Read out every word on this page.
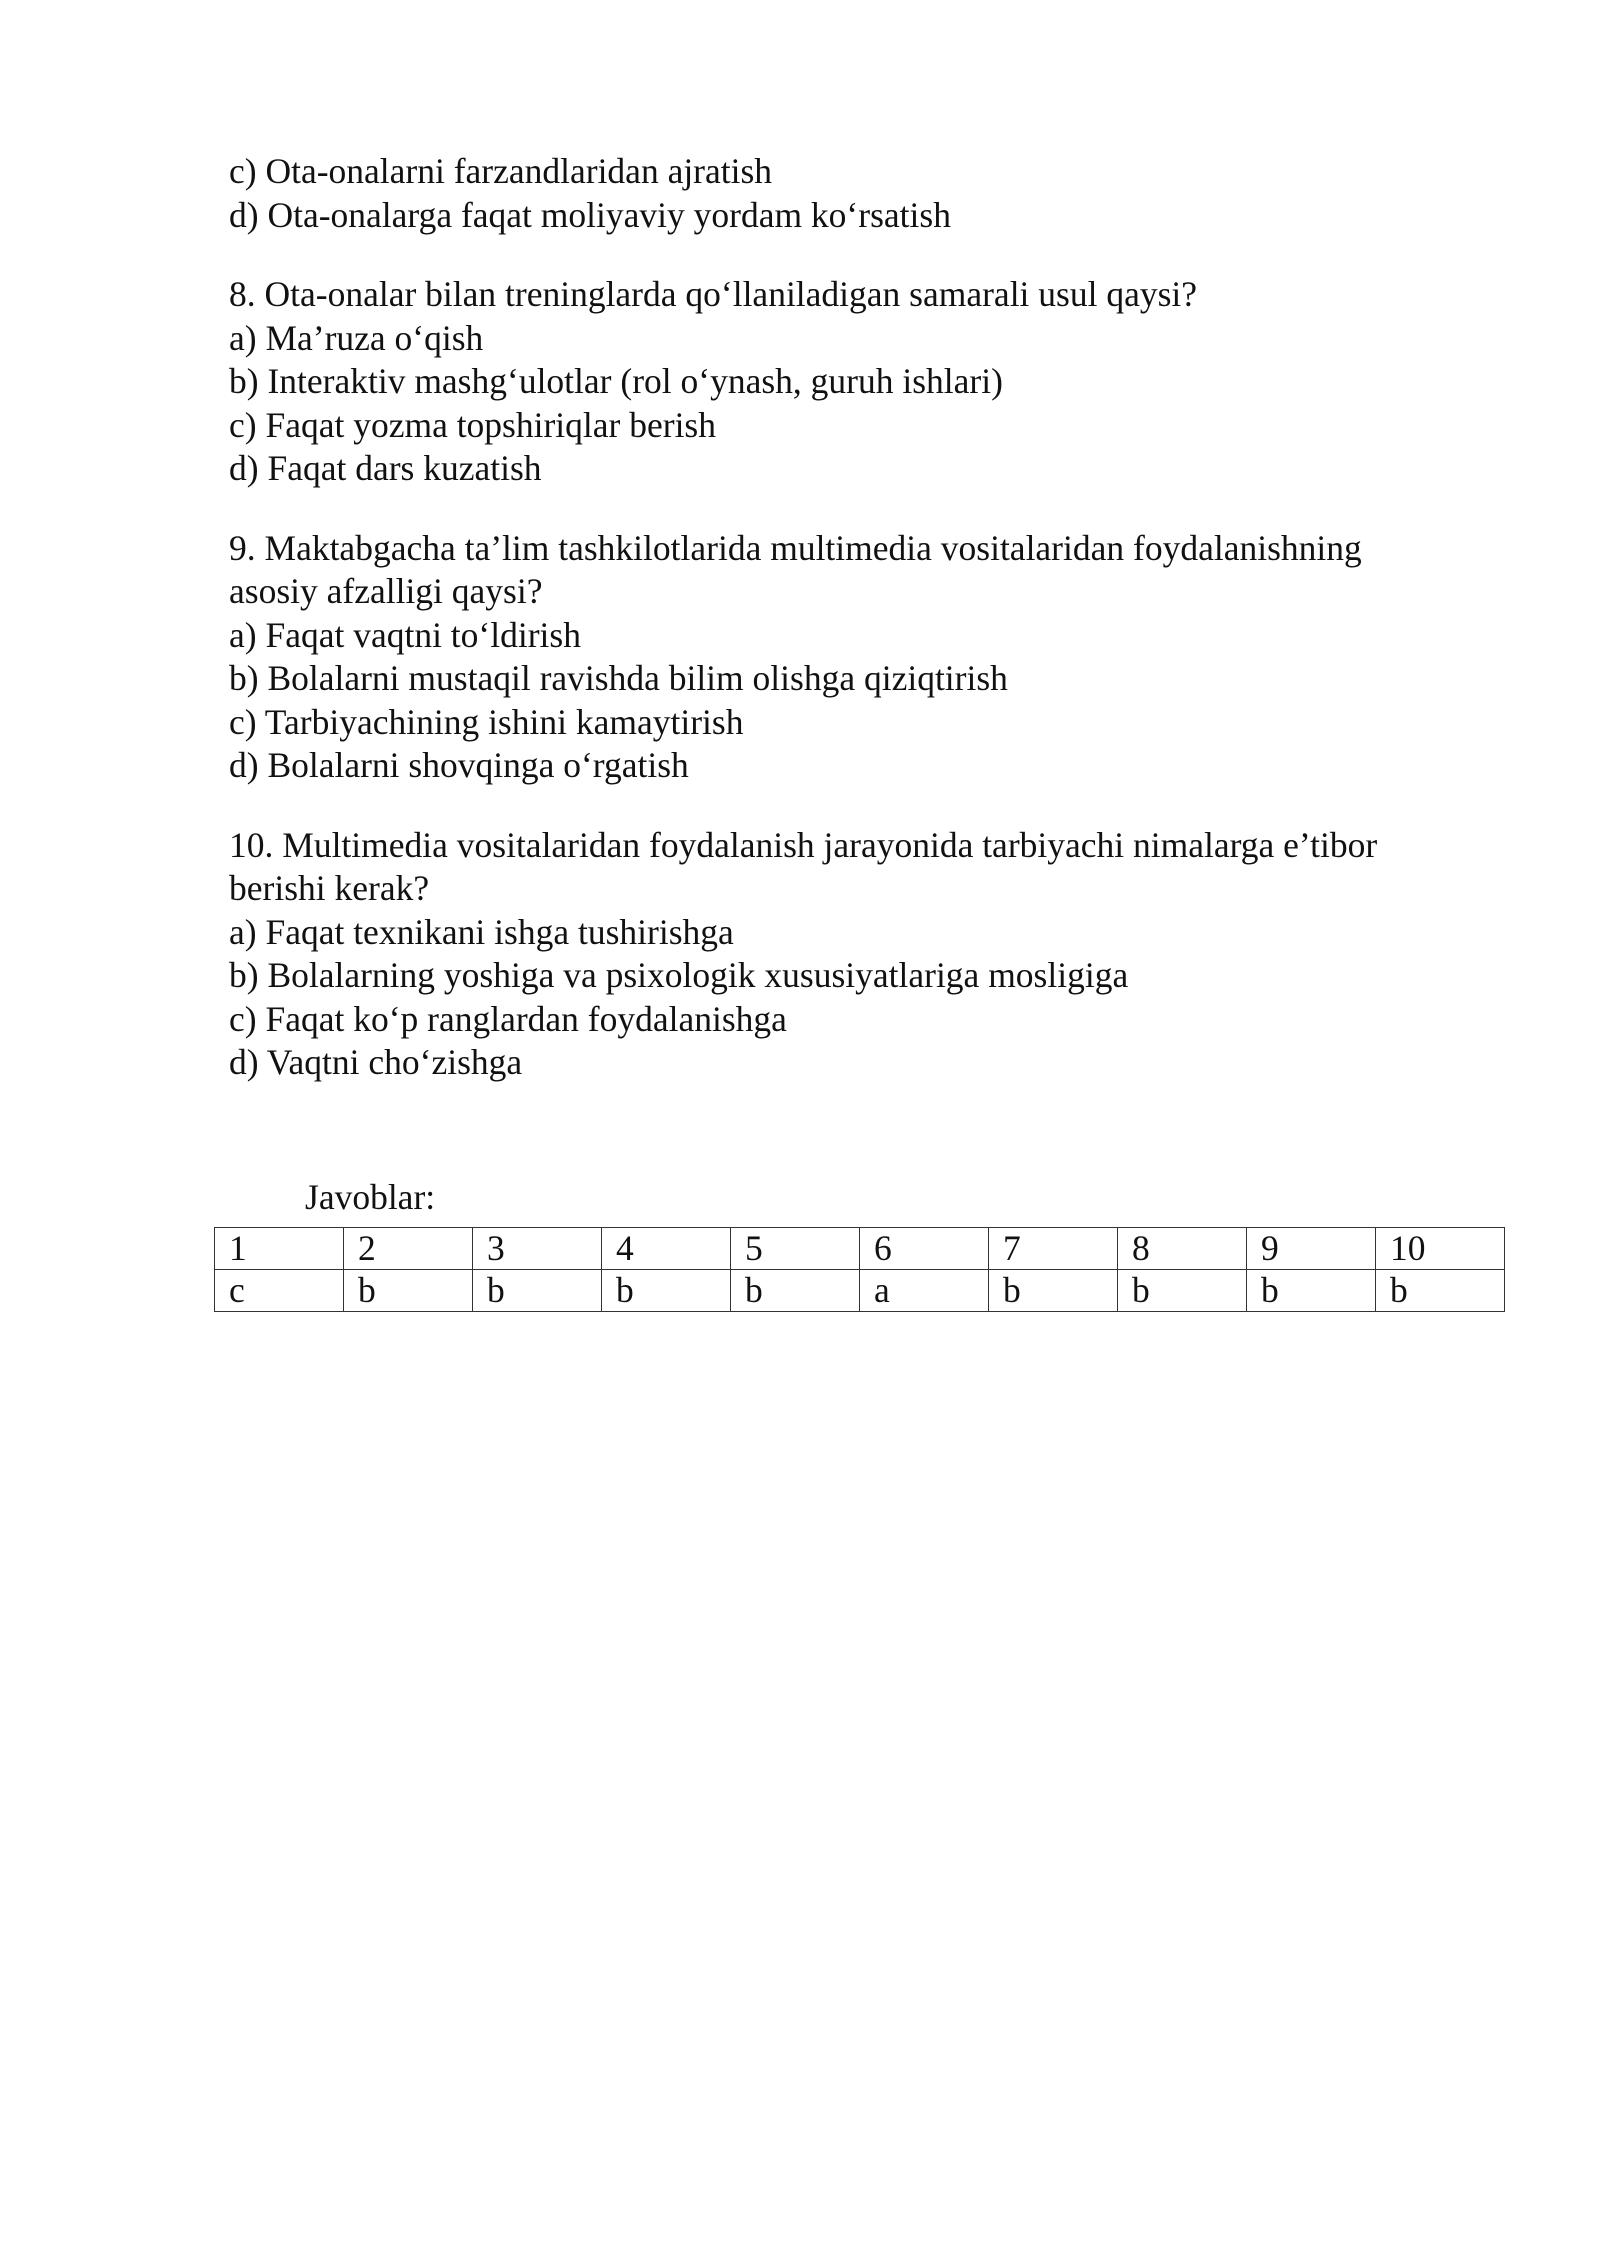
c) Ota-onalarni farzandlaridan ajratish
d) Ota-onalarga faqat moliyaviy yordam ko‘rsatish
8. Ota-onalar bilan treninglarda qo‘llaniladigan samarali usul qaysi?
a) Ma’ruza o‘qish
b) Interaktiv mashg‘ulotlar (rol o‘ynash, guruh ishlari)
c) Faqat yozma topshiriqlar berish
d) Faqat dars kuzatish
9. Maktabgacha ta’lim tashkilotlarida multimedia vositalaridan foydalanishning
asosiy afzalligi qaysi?
a) Faqat vaqtni to‘ldirish
b) Bolalarni mustaqil ravishda bilim olishga qiziqtirish
c) Tarbiyachining ishini kamaytirish
d) Bolalarni shovqinga o‘rgatish
10. Multimedia vositalaridan foydalanish jarayonida tarbiyachi nimalarga e’tibor
berishi kerak?
a) Faqat texnikani ishga tushirishga
b) Bolalarning yoshiga va psixologik xususiyatlariga mosligiga
c) Faqat ko‘p ranglardan foydalanishga
d) Vaqtni cho‘zishga
Javoblar:
1	2	3	4	5	6	7	8	9	10
c	b	b	b	b	a	b	b	b	b
